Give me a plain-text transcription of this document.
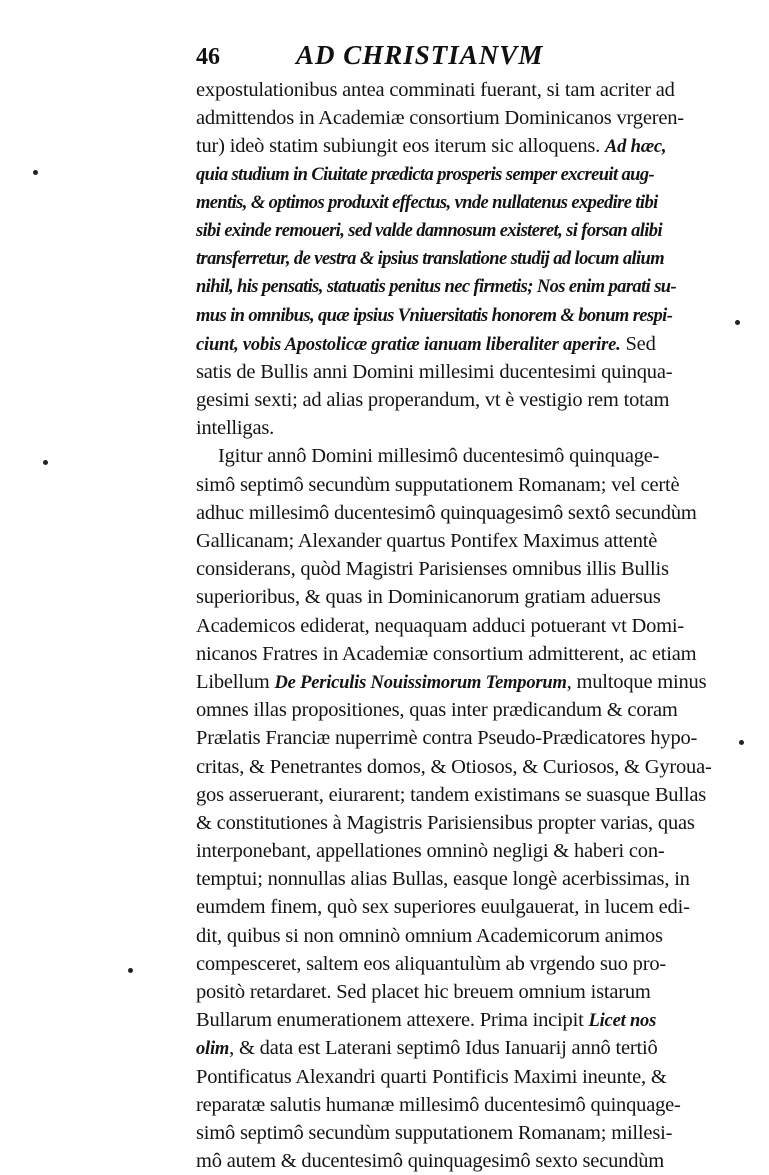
46	AD CHRISTIANVM
expostulationibus antea comminati fuerant, si tam acriter ad
admittendos in Academiæ consortium Dominicanos vrgeren-
tur) ideò statim subiungit eos iterum sic alloquens. Ad hæc,
quia studium in Ciuitate prædicta prosperis semper excreuit aug-
mentis, & optimos produxit effectus, vnde nullatenus expedire tibi
sibi exinde remoueri, sed valde damnosum existeret, si forsan alibi
transferretur, de vestra & ipsius translatione studij ad locum alium
nihil, his pensatis, statuatis penitus nec firmetis; Nos enim parati su-
mus in omnibus, quæ ipsius Vniuersitatis honorem & bonum respi-
ciunt, vobis Apostolicæ gratiæ ianuam liberaliter aperire. Sed
satis de Bullis anni Domini millesimi ducentesimi quinqua-
gesimi sexti; ad alias properandum, vt è vestigio rem totam
intelligas.
Igitur annô Domini millesimô ducentesimô quinquage-
simô septimô secundùm supputationem Romanam; vel certè
adhuc millesimô ducentesimô quinquagesimô sextô secundùm
Gallicanam; Alexander quartus Pontifex Maximus attentè
considerans, quòd Magistri Parisienses omnibus illis Bullis
superioribus, & quas in Dominicanorum gratiam aduersus
Academicos ediderat, nequaquam adduci potuerant vt Domi-
nicanos Fratres in Academiæ consortium admitterent, ac etiam
Libellum De Periculis Nouissimorum Temporum, multoque minus
omnes illas propositiones, quas inter prædicandum & coram
Prælatis Franciæ nuperrimè contra Pseudo-Prædicatores hypo-
critas, & Penetrantes domos, & Otiosos, & Curiosos, & Gyroua-
gos asseruerant, eiurarent; tandem existimans se suasque Bullas
& constitutiones à Magistris Parisiensibus propter varias, quas
interponebant, appellationes omninò negligi & haberi con-
temptui; nonnullas alias Bullas, easque longè acerbissimas, in
eumdem finem, quò sex superiores euulgauerat, in lucem edi-
dit, quibus si non omninò omnium Academicorum animos
compesceret, saltem eos aliquantulùm ab vrgendo suo pro-
positò retardaret. Sed placet hic breuem omnium istarum
Bullarum enumerationem attexere. Prima incipit Licet nos
olim, & data est Laterani septimô Idus Ianuarij annô tertiô
Pontificatus Alexandri quarti Pontificis Maximi ineunte, &
reparatæ salutis humanæ millesimô ducentesimô quinquage-
simô septimô secundùm supputationem Romanam; millesi-
mô autem & ducentesimô quinquagesimô sexto secundùm
